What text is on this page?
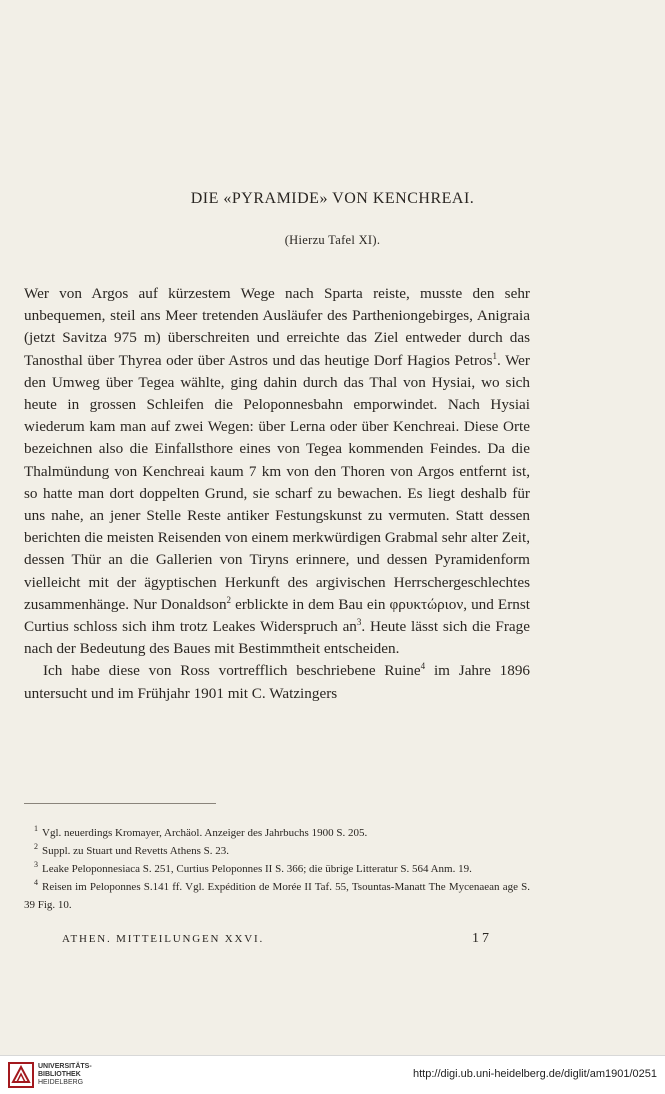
DIE «PYRAMIDE» VON KENCHREAI.
(Hierzu Tafel XI).

Wer von Argos auf kürzestem Wege nach Sparta reiste, musste den sehr unbequemen, steil ans Meer tretenden Ausläufer des Partheniongebirges, Anigraia (jetzt Savitza 975 m) überschreiten und erreichte das Ziel entweder durch das Tanosthal über Thyrea oder über Astros und das heutige Dorf Hagios Petros$^1$. Wer den Umweg über Tegea wählte, ging dahin durch das Thal von Hysiai, wo sich heute in grossen Schleifen die Peloponnesbahn emporwindet. Nach Hysiai wiederum kam man auf zwei Wegen: über Lerna oder über Kenchreai. Diese Orte bezeichnen also die Einfallsthore eines von Tegea kommenden Feindes. Da die Thalmündung von Kenchreai kaum 7 km von den Thoren von Argos entfernt ist, so hatte man dort doppelten Grund, sie scharf zu bewachen. Es liegt deshalb für uns nahe, an jener Stelle Reste antiker Festungskunst zu vermuten. Statt dessen berichten die meisten Reisenden von einem merkwürdigen Grabmal sehr alter Zeit, dessen Thür an die Gallerien von Tiryns erinnere, und dessen Pyramidenform vielleicht mit der ägyptischen Herkunft des argivischen Herrschergeschlechtes zusammenhänge. Nur Donaldson$^2$ erblickte in dem Bau ein φρυκτώριον, und Ernst Curtius schloss sich ihm trotz Leakes Widerspruch $an^3$. Heute lässt sich die Frage nach der Bedeutung des Baues mit Bestimmtheit entscheiden.

Ich habe diese von Ross vortrefflich beschriebene Ruine$^4$ im Jahre 1896 untersucht und im Frühjahr 1901 mit C. Watzingers

1 Vgl. neuerdings Kromayer, Archäol. Anzeiger des Jahrbuchs 1900 S. 205.

2 Suppl. zu Stuart und Revetts Athens S. 23.

3 Leake Peloponnesiaca S. 251, Curtius Peloponnes II S. 366; die übrige Litteratur S. 564 Anm. 19.

4 Reisen im Peloponnes S.141 ff. Vgl. Expédition de Morée II Taf. 55, Tsountas-Manatt The Mycenaean age S. 39 Fig. 10.

ATHEN. MITTEILUNGEN XXVI.	17
UNIVERSITÄTS-
BIBLIOTHEK
HEIDELBERG
http://digi.ub.uni-heidelberg.de/diglit/am1901/0251
